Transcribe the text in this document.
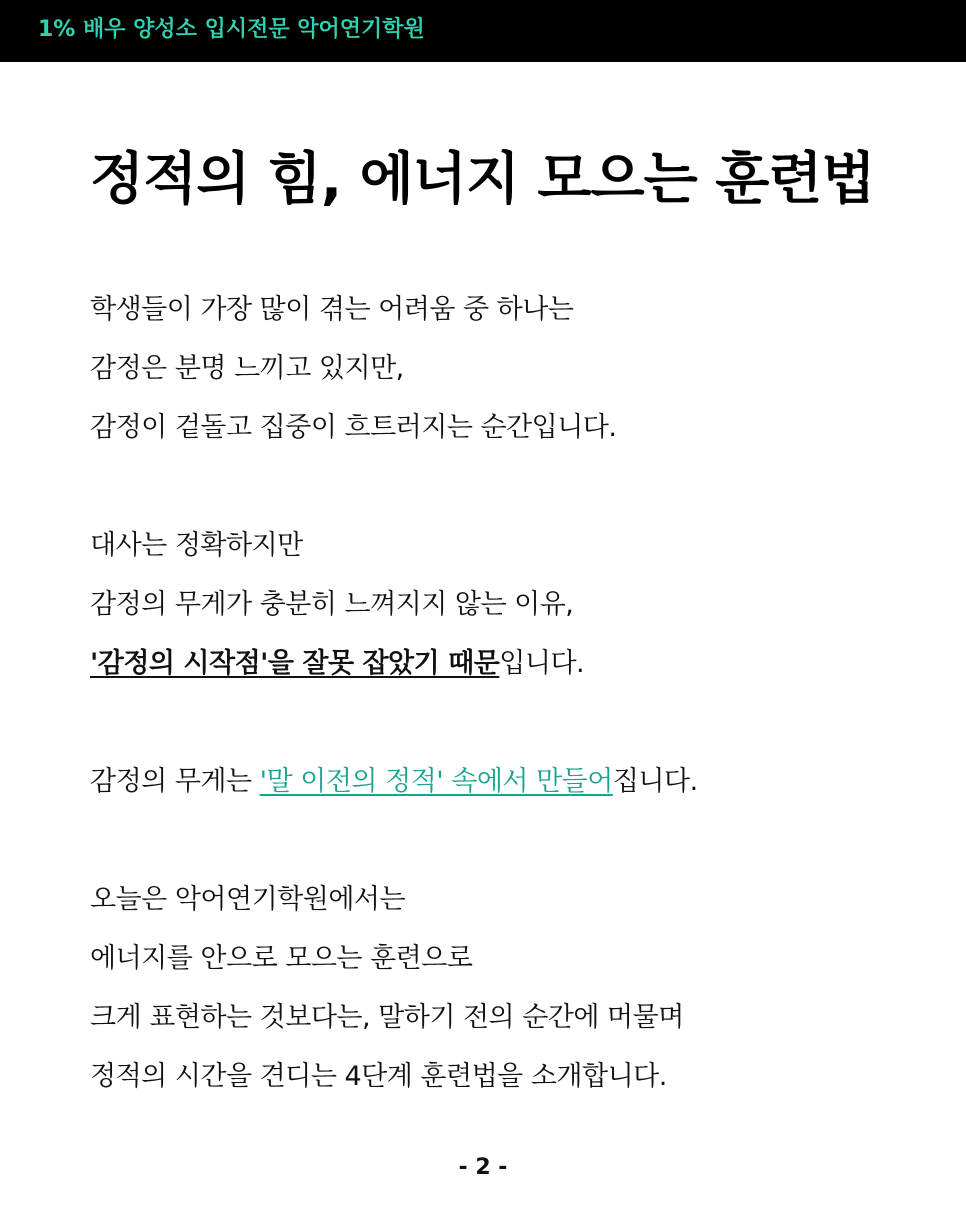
1% 배우 양성소 입시전문 악어연기학원
정적의 힘, 에너지 모으는 훈련법
학생들이 가장 많이 겪는 어려움 중 하나는
감정은 분명 느끼고 있지만,
감정이 겉돌고 집중이 흐트러지는 순간입니다.
대사는 정확하지만
감정의 무게가 충분히 느껴지지 않는 이유,
'감정의 시작점'을 잘못 잡았기 때문입니다.
감정의 무게는 '말 이전의 정적' 속에서 만들어집니다.
오늘은 악어연기학원에서는
에너지를 안으로 모으는 훈련으로
크게 표현하는 것보다는, 말하기 전의 순간에 머물며
정적의 시간을 견디는 4단계 훈련법을 소개합니다.
- 2 -
